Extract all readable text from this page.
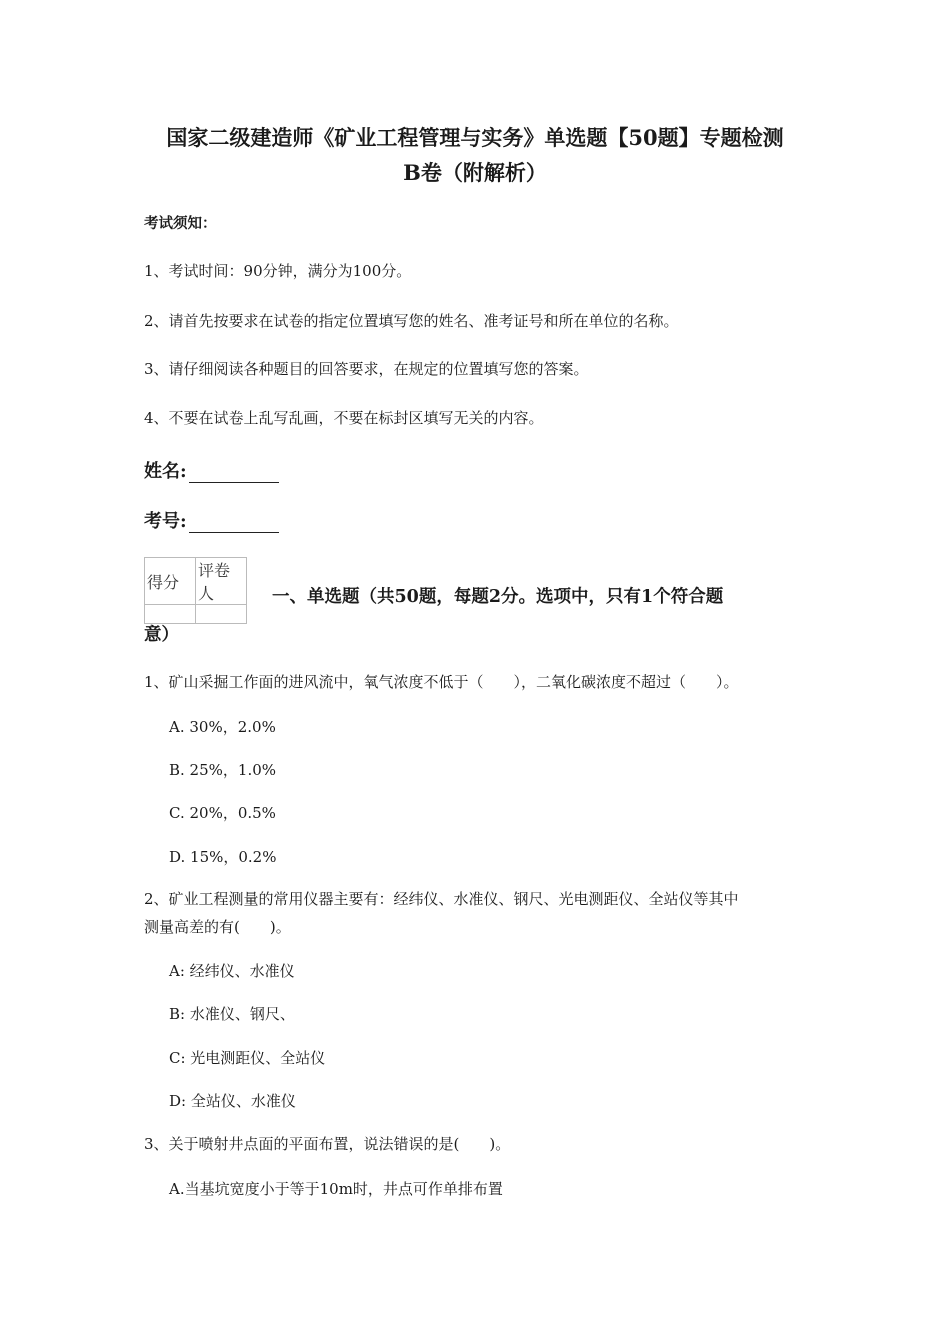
国家二级建造师《矿业工程管理与实务》单选题【50题】专题检测
B卷（附解析）
考试须知：
1、考试时间：90分钟，满分为100分。
2、请首先按要求在试卷的指定位置填写您的姓名、准考证号和所在单位的名称。
3、请仔细阅读各种题目的回答要求，在规定的位置填写您的答案。
4、不要在试卷上乱写乱画，不要在标封区填写无关的内容。
姓名:
考号:
得分	评卷人
		一、单选题（共50题，每题2分。选项中，只有1个符合题
意）
1、矿山采掘工作面的进风流中，氧气浓度不低于（　　），二氧化碳浓度不超过（　　）。
A. 30%，2.0%
B. 25%，1.0%
C. 20%，0.5%
D. 15%，0.2%
2、矿业工程测量的常用仪器主要有：经纬仪、水准仪、钢尺、光电测距仪、全站仪等其中
测量高差的有(　　)。
A: 经纬仪、水准仪
B: 水准仪、钢尺、
C: 光电测距仪、全站仪
D: 全站仪、水准仪
3、关于喷射井点面的平面布置，说法错误的是(　　)。
A.当基坑宽度小于等于10m时，井点可作单排布置
